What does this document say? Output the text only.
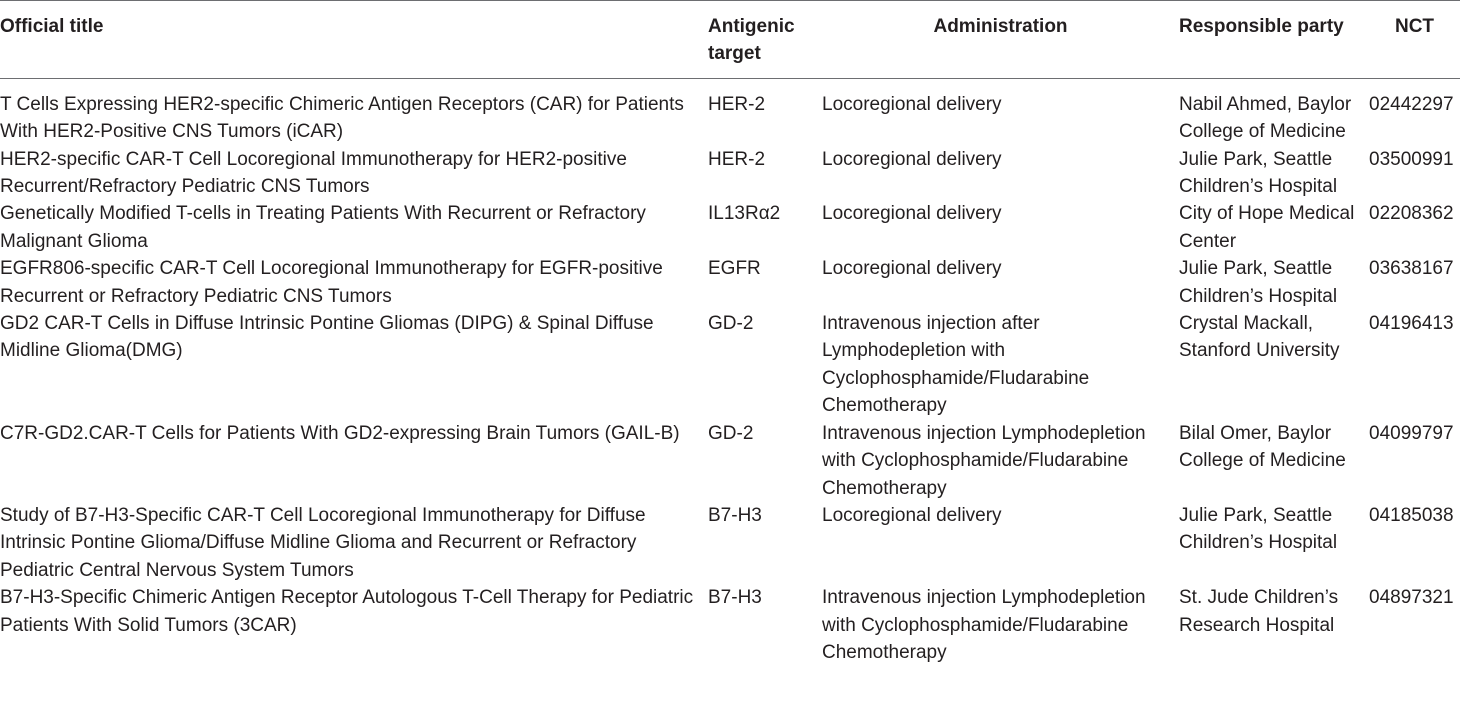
Official title	Antigenic target	Administration	Responsible party	NCT
T Cells Expressing HER2-specific Chimeric Antigen Receptors (CAR) for Patients With HER2-Positive CNS Tumors (iCAR)	HER-2	Locoregional delivery	Nabil Ahmed, Baylor College of Medicine	02442297
HER2-specific CAR-T Cell Locoregional Immunotherapy for HER2-positive Recurrent/Refractory Pediatric CNS Tumors	HER-2	Locoregional delivery	Julie Park, Seattle Children’s Hospital	03500991
Genetically Modified T-cells in Treating Patients With Recurrent or Refractory Malignant Glioma	IL13Rα2	Locoregional delivery	City of Hope Medical Center	02208362
EGFR806-specific CAR-T Cell Locoregional Immunotherapy for EGFR-positive Recurrent or Refractory Pediatric CNS Tumors	EGFR	Locoregional delivery	Julie Park, Seattle Children’s Hospital	03638167
GD2 CAR-T Cells in Diffuse Intrinsic Pontine Gliomas (DIPG) & Spinal Diffuse Midline Glioma(DMG)	GD-2	Intravenous injection after Lymphodepletion with Cyclophosphamide/Fludarabine Chemotherapy	Crystal Mackall, Stanford University	04196413
C7R-GD2.CAR-T Cells for Patients With GD2-expressing Brain Tumors (GAIL-B)	GD-2	Intravenous injection Lymphodepletion with Cyclophosphamide/Fludarabine Chemotherapy	Bilal Omer, Baylor College of Medicine	04099797
Study of B7-H3-Specific CAR-T Cell Locoregional Immunotherapy for Diffuse Intrinsic Pontine Glioma/Diffuse Midline Glioma and Recurrent or Refractory Pediatric Central Nervous System Tumors	B7-H3	Locoregional delivery	Julie Park, Seattle Children’s Hospital	04185038
B7-H3-Specific Chimeric Antigen Receptor Autologous T-Cell Therapy for Pediatric Patients With Solid Tumors (3CAR)	B7-H3	Intravenous injection Lymphodepletion with Cyclophosphamide/Fludarabine Chemotherapy	St. Jude Children’s Research Hospital	04897321
